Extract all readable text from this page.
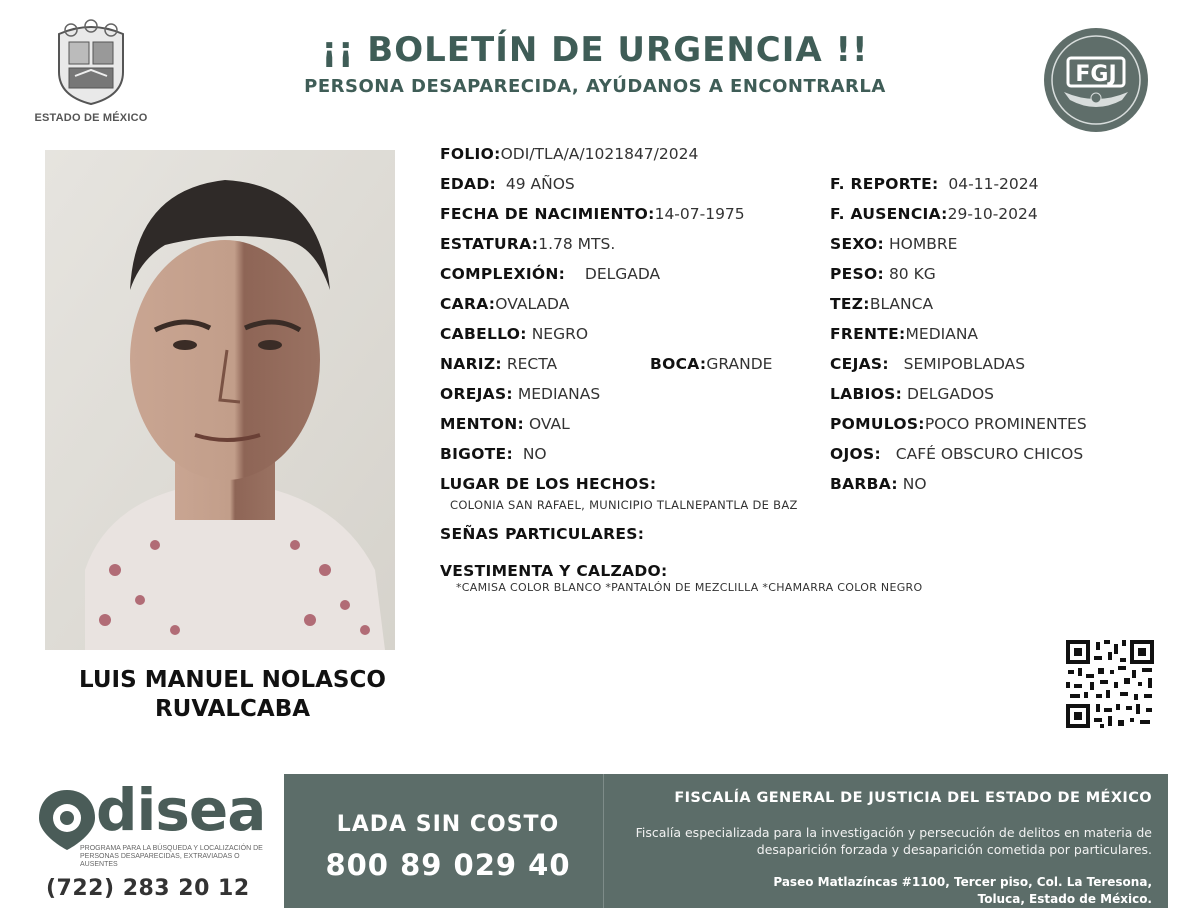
ESTADO DE MÉXICO
¡¡ BOLETÍN DE URGENCIA !!
PERSONA DESAPARECIDA, AYÚDANOS A ENCONTRARLA	FGJ
LUIS MANUEL NOLASCO
RUVALCABA
FOLIO:ODI/TLA/A/1021847/2024
EDAD: 49 AÑOS
FECHA DE NACIMIENTO:14-07-1975
ESTATURA:1.78 MTS.
COMPLEXIÓN: DELGADA
CARA:OVALADA
CABELLO: NEGRO
NARIZ: RECTA	BOCA:GRANDE
OREJAS: MEDIANAS
MENTON: OVAL
BIGOTE: NO
LUGAR DE LOS HECHOS:
COLONIA SAN RAFAEL, MUNICIPIO TLALNEPANTLA DE BAZ
SEÑAS PARTICULARES:
VESTIMENTA Y CALZADO:
*CAMISA COLOR BLANCO *PANTALÓN DE MEZCLILLA *CHAMARRA COLOR NEGRO
F. REPORTE: 04-11-2024
F. AUSENCIA:29-10-2024
SEXO: HOMBRE
PESO: 80 KG
TEZ:BLANCA
FRENTE:MEDIANA
CEJAS: SEMIPOBLADAS
LABIOS: DELGADOS
POMULOS:POCO PROMINENTES
OJOS: CAFÉ OBSCURO CHICOS
BARBA: NO
disea
PROGRAMA PARA LA BÚSQUEDA Y LOCALIZACIÓN DE PERSONAS DESAPARECIDAS, EXTRAVIADAS O AUSENTES
(722) 283 20 12
LADA SIN COSTO
800 89 029 40
FISCALÍA GENERAL DE JUSTICIA DEL ESTADO DE MÉXICO
Fiscalía especializada para la investigación y persecución de delitos en materia de desaparición forzada y desaparición cometida por particulares.
Paseo Matlazíncas #1100, Tercer piso, Col. La Teresona,
Toluca, Estado de México.
